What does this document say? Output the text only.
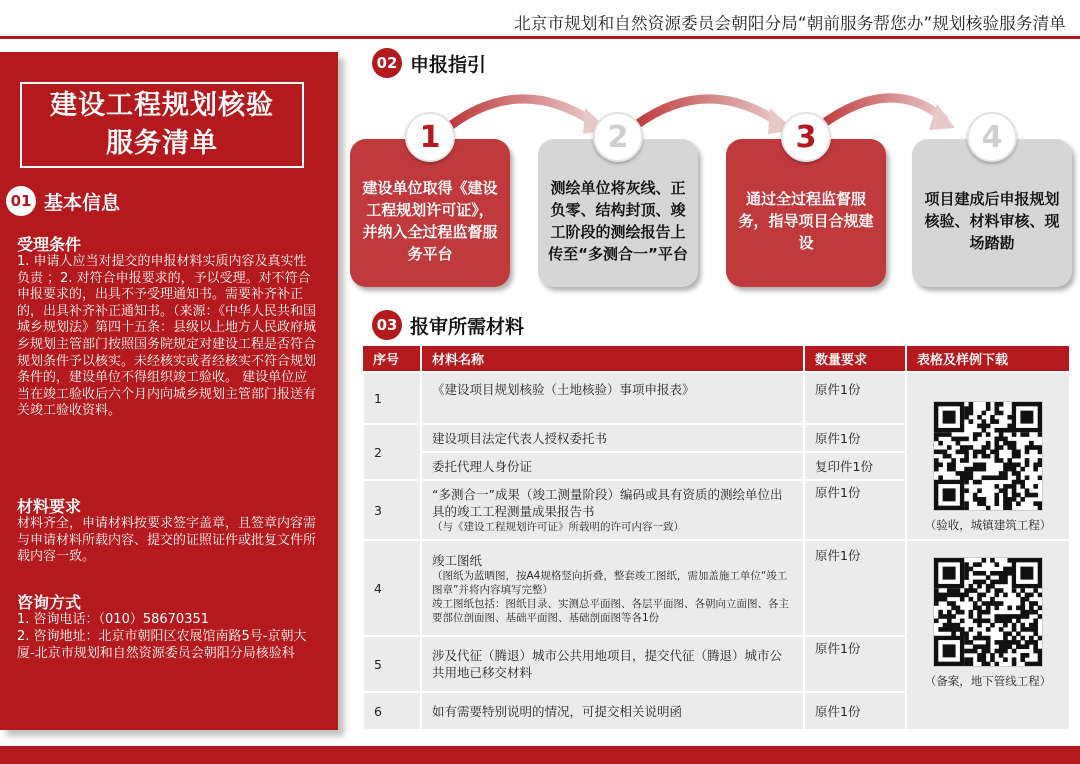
北京市规划和自然资源委员会朝阳分局“朝前服务帮您办”规划核验服务清单
建设工程规划核验
服务清单
01 基本信息
受理条件
1. 申请人应当对提交的申报材料实质内容及真实性负责 ；2. 对符合申报要求的，予以受理。对不符合申报要求的，出具不予受理通知书。需要补齐补正的，出具补齐补正通知书。（来源：《中华人民共和国城乡规划法》第四十五条：县级以上地方人民政府城乡规划主管部门按照国务院规定对建设工程是否符合规划条件予以核实。未经核实或者经核实不符合规划条件的，建设单位不得组织竣工验收。 建设单位应当在竣工验收后六个月内向城乡规划主管部门报送有关竣工验收资料。
材料要求
材料齐全，申请材料按要求签字盖章，且签章内容需与申请材料所载内容、提交的证照证件或批复文件所载内容一致。
咨询方式
1. 咨询电话：（010）58670351
2. 咨询地址：北京市朝阳区农展馆南路5号-京朝大厦-北京市规划和自然资源委员会朝阳分局核验科
02 申报指引
建设单位取得《建设工程规划许可证》，并纳入全过程监督服务平台
测绘单位将灰线、正负零、结构封顶、竣工阶段的测绘报告上传至“多测合一”平台
通过全过程监督服务，指导项目合规建设
项目建成后申报规划核验、材料审核、现场踏勘
1	2	3	4
03 报审所需材料
序号	材料名称	数量要求	表格及样例下载
1	《建设项目规划核验（土地核验）事项申报表》	原件1份	（验收，城镇建筑工程）

2	建设项目法定代表人授权委托书	原件1份	
	委托代理人身份证	复印件1份	
3	“多测合一”成果（竣工测量阶段）编码或具有资质的测绘单位出具的竣工工程测量成果报告书
（与《建设工程规划许可证》所载明的许可内容一致）	原件1份	
4	竣工图纸
（图纸为蓝晒图，按A4规格竖向折叠，整套竣工图纸，需加盖施工单位“竣工图章”并将内容填写完整）
竣工图纸包括：图纸目录、实测总平面图、各层平面图、各朝向立面图、各主要部位剖面图、基础平面图、基础剖面图等各1份	原件1份	（备案，地下管线工程）

5	涉及代征（腾退）城市公共用地项目，提交代征（腾退）城市公共用地已移交材料	原件1份	
6	如有需要特别说明的情况，可提交相关说明函	原件1份	
